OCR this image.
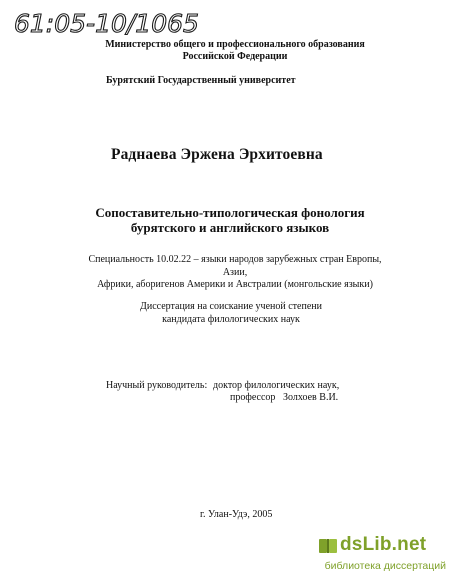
61:05-10/1065
Министерство общего и профессионального образования
Российской Федерации
Бурятский Государственный университет
Раднаева Эржена Эрхитоевна
Сопоставительно-типологическая фонология
бурятского и английского языков
Специальность 10.02.22 – языки народов зарубежных стран Европы, Азии,
Африки, аборигенов Америки и Австралии (монгольские языки)
Диссертация на соискание ученой степени
кандидата филологических наук
Научный руководитель: доктор филологических наук,
профессор Золхоев В.И.
г. Улан-Удэ, 2005
dsLib.net
библиотека диссертаций
